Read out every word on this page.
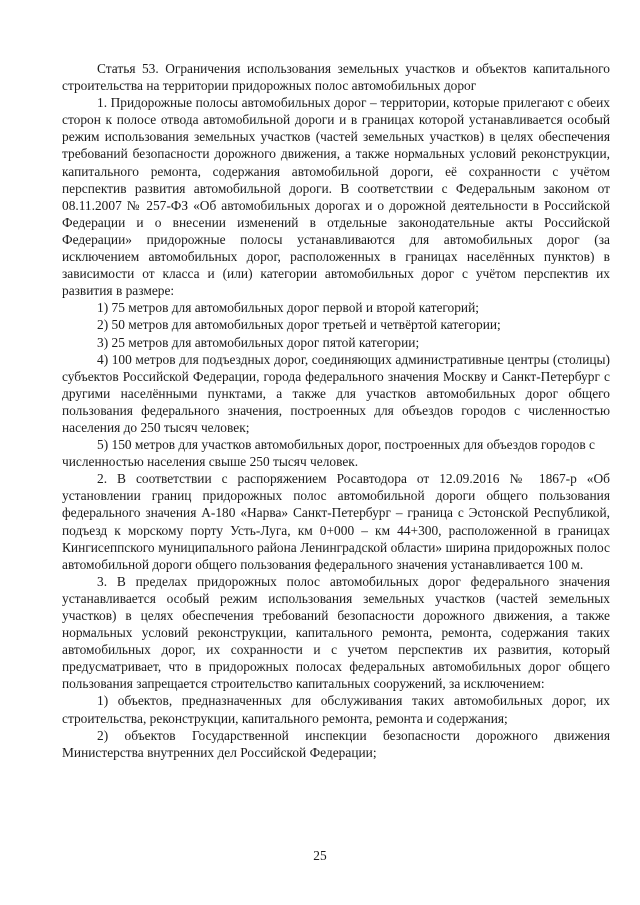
Статья 53. Ограничения использования земельных участков и объектов капитального строительства на территории придорожных полос автомобильных дорог

1. Придорожные полосы автомобильных дорог – территории, которые прилегают с обеих сторон к полосе отвода автомобильной дороги и в границах которой устанавливается особый режим использования земельных участков (частей земельных участков) в целях обеспечения требований безопасности дорожного движения, а также нормальных условий реконструкции, капитального ремонта, содержания автомобильной дороги, её сохранности с учётом перспектив развития автомобильной дороги. В соответствии с Федеральным законом от 08.11.2007 № 257-ФЗ «Об автомобильных дорогах и о дорожной деятельности в Российской Федерации и о внесении изменений в отдельные законодательные акты Российской Федерации» придорожные полосы устанавливаются для автомобильных дорог (за исключением автомобильных дорог, расположенных в границах населённых пунктов) в зависимости от класса и (или) категории автомобильных дорог с учётом перспектив их развития в размере:

1) 75 метров для автомобильных дорог первой и второй категорий;

2) 50 метров для автомобильных дорог третьей и четвёртой категории;

3) 25 метров для автомобильных дорог пятой категории;

4) 100 метров для подъездных дорог, соединяющих административные центры (столицы) субъектов Российской Федерации, города федерального значения Москву и Санкт-Петербург с другими населёнными пунктами, а также для участков автомобильных дорог общего пользования федерального значения, построенных для объездов городов с численностью населения до 250 тысяч человек;

5) 150 метров для участков автомобильных дорог, построенных для объездов городов с численностью населения свыше 250 тысяч человек.

2. В соответствии с распоряжением Росавтодора от 12.09.2016 № 1867-р «Об установлении границ придорожных полос автомобильной дороги общего пользования федерального значения А-180 «Нарва» Санкт-Петербург – граница с Эстонской Республикой, подъезд к морскому порту Усть-Луга, км 0+000 – км 44+300, расположенной в границах Кингисеппского муниципального района Ленинградской области» ширина придорожных полос автомобильной дороги общего пользования федерального значения устанавливается 100 м.

3. В пределах придорожных полос автомобильных дорог федерального значения устанавливается особый режим использования земельных участков (частей земельных участков) в целях обеспечения требований безопасности дорожного движения, а также нормальных условий реконструкции, капитального ремонта, ремонта, содержания таких автомобильных дорог, их сохранности и с учетом перспектив их развития, который предусматривает, что в придорожных полосах федеральных автомобильных дорог общего пользования запрещается строительство капитальных сооружений, за исключением:

1) объектов, предназначенных для обслуживания таких автомобильных дорог, их строительства, реконструкции, капитального ремонта, ремонта и содержания;

2) объектов Государственной инспекции безопасности дорожного движения Министерства внутренних дел Российской Федерации;

25
